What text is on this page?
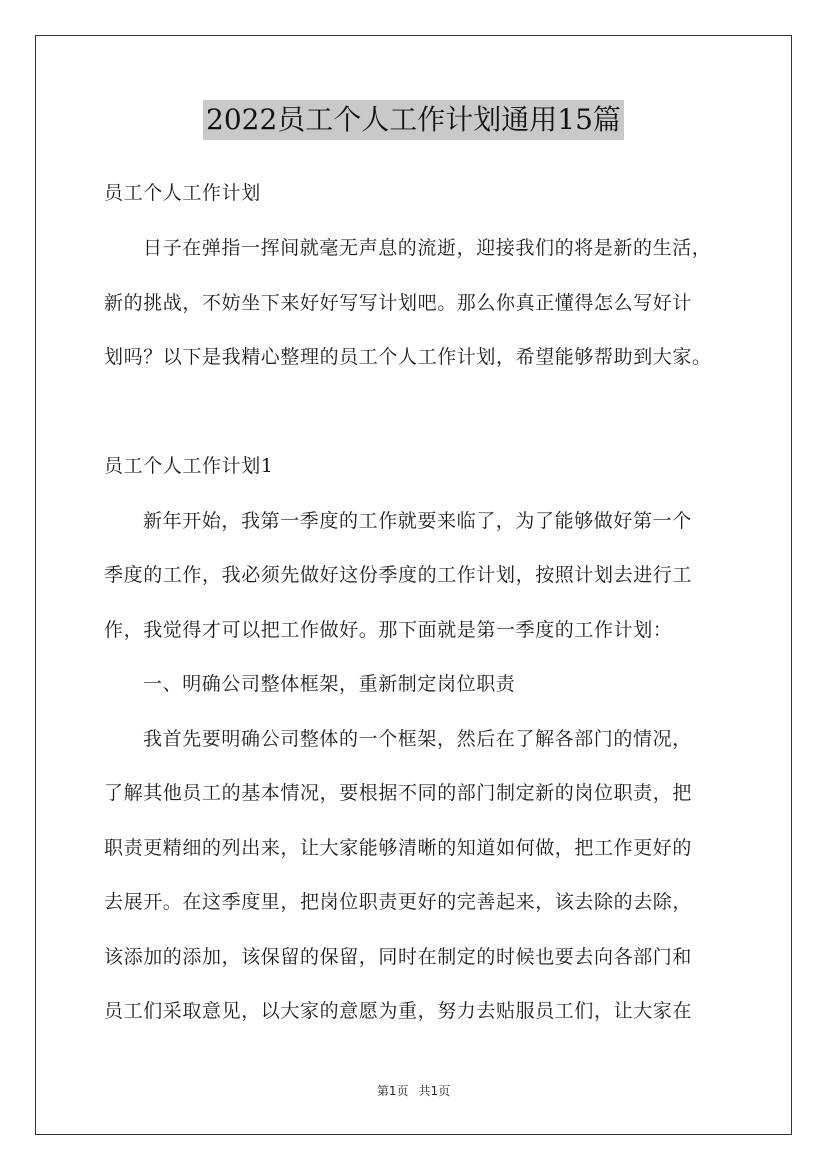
2022员工个人工作计划通用15篇

员工个人工作计划

日子在弹指一挥间就毫无声息的流逝，迎接我们的将是新的生活，

新的挑战，不妨坐下来好好写写计划吧。那么你真正懂得怎么写好计

划吗？以下是我精心整理的员工个人工作计划，希望能够帮助到大家。

员工个人工作计划1

新年开始，我第一季度的工作就要来临了，为了能够做好第一个

季度的工作，我必须先做好这份季度的工作计划，按照计划去进行工

作，我觉得才可以把工作做好。那下面就是第一季度的工作计划：

一、明确公司整体框架，重新制定岗位职责

我首先要明确公司整体的一个框架，然后在了解各部门的情况，

了解其他员工的基本情况，要根据不同的部门制定新的岗位职责，把

职责更精细的列出来，让大家能够清晰的知道如何做，把工作更好的

去展开。在这季度里，把岗位职责更好的完善起来，该去除的去除，

该添加的添加，该保留的保留，同时在制定的时候也要去向各部门和

员工们采取意见，以大家的意愿为重，努力去贴服员工们，让大家在

第1页 共1页
